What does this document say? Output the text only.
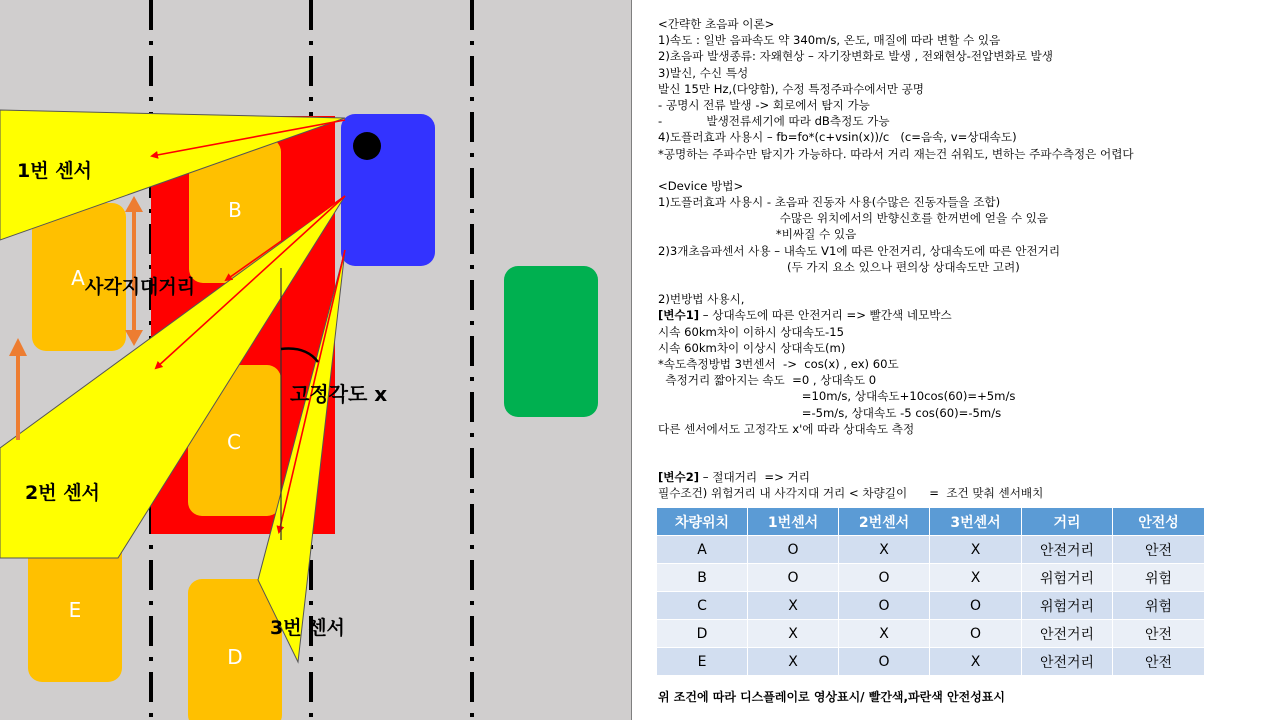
A
B
C
E
D
1번 센서
2번 센서
3번 센서
사각지대거리
고정각도 x
<간략한 초음파 이론>
1)속도 : 일반 음파속도 약 340m/s, 온도, 매질에 따라 변할 수 있음
2)초음파 발생종류: 자왜현상 – 자기장변화로 발생 , 전왜현상-전압변화로 발생
3)발신, 수신 특성
발신 15만 Hz,(다양함), 수정 특정주파수에서만 공명
- 공명시 전류 발생 -> 회로에서 탐지 가능
-            발생전류세기에 따라 dB측정도 가능
4)도플러효과 사용시 – fb=fo*(c+vsin(x))/c   (c=음속, v=상대속도)
*공명하는 주파수만 탐지가 가능하다. 따라서 거리 재는건 쉬워도, 변하는 주파수측정은 어렵다
<Device 방법>
1)도플러효과 사용시 - 초음파 진동자 사용(수많은 진동자들을 조합)
수많은 위치에서의 반향신호를 한꺼번에 얻을 수 있음
*비싸질 수 있음
2)3개초음파센서 사용 – 내속도 V1에 따른 안전거리, 상대속도에 따른 안전거리
(두 가지 요소 있으나 편의상 상대속도만 고려)
2)번방법 사용시,
[변수1] – 상대속도에 따른 안전거리 => 빨간색 네모박스
시속 60km차이 이하시 상대속도-15
시속 60km차이 이상시 상대속도(m)
*속도측정방법 3번센서  ->  cos(x) , ex) 60도
측정거리 짧아지는 속도  =0 , 상대속도 0
=10m/s, 상대속도+10cos(60)=+5m/s
=-5m/s, 상대속도 -5 cos(60)=-5m/s
다른 센서에서도 고정각도 x'에 따라 상대속도 측정
[변수2] – 절대거리  => 거리
필수조건) 위험거리 내 사각지대 거리 < 차량길이      =  조건 맞춰 센서배치
차량위치	1번센서	2번센서	3번센서	거리	안전성
A	O	X	X	안전거리	안전
B	O	O	X	위험거리	위험
C	X	O	O	위험거리	위험
D	X	X	O	안전거리	안전
E	X	O	X	안전거리	안전
위 조건에 따라 디스플레이로 영상표시/ 빨간색,파란색 안전성표시
